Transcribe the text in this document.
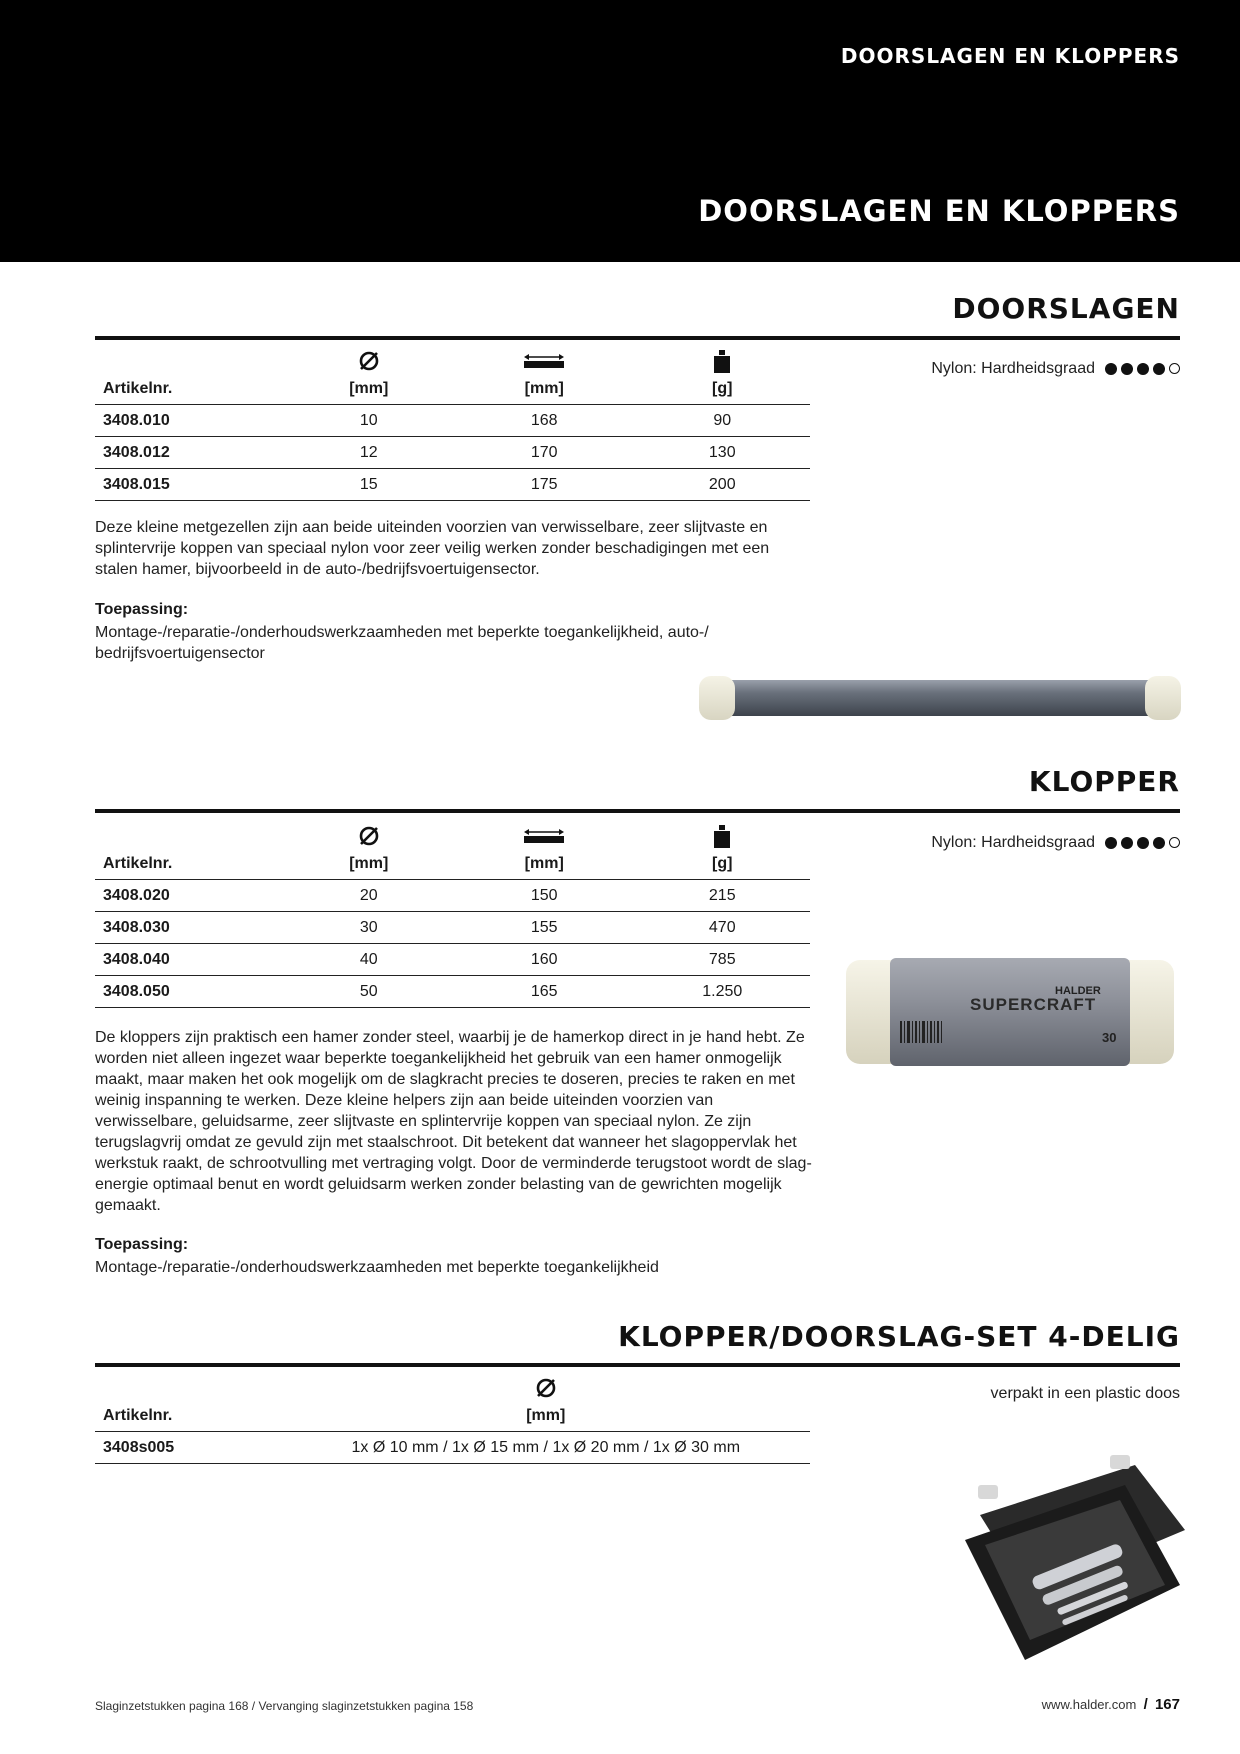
DOORSLAGEN EN KLOPPERS
DOORSLAGEN EN KLOPPERS
DOORSLAGEN
Nylon: Hardheidsgraad
Artikelnr.	[mm]	[mm]	[g]

3408.010	10	168	90
3408.012	12	170	130
3408.015	15	175	200

Deze kleine metgezellen zijn aan beide uiteinden voorzien van verwisselbare, zeer slijtvaste en splintervrije koppen van speciaal nylon voor zeer veilig werken zonder beschadigingen met een stalen hamer, bijvoorbeeld in de auto-/bedrijfsvoertuigensector.

Toepassing:
Montage-/reparatie-/onderhoudswerkzaamheden met beperkte toegankelijkheid, auto-/ bedrijfsvoertuigensector
KLOPPER
Nylon: Hardheidsgraad
Artikelnr.	[mm]	[mm]	[g]

3408.020	20	150	215
3408.030	30	155	470
3408.040	40	160	785
3408.050	50	165	1.250

De kloppers zijn praktisch een hamer zonder steel, waarbij je de hamerkop direct in je hand hebt. Ze worden niet alleen ingezet waar beperkte toegankelijkheid het gebruik van een hamer onmogelijk maakt, maar maken het ook mogelijk om de slagkracht precies te doseren, precies te raken en met weinig inspanning te werken. Deze kleine helpers zijn aan beide uiteinden voorzien van verwisselbare, geluidsarme, zeer slijtvaste en splintervrije koppen van speciaal nylon. Ze zijn terugslagvrij omdat ze gevuld zijn met staalschroot. Dit betekent dat wanneer het slagoppervlak het werkstuk raakt, de schrootvulling met vertraging volgt. Door de verminderde terugstoot wordt de slag-energie optimaal benut en wordt geluidsarm werken zonder belasting van de gewrichten mogelijk gemaakt.

Toepassing:
Montage-/reparatie-/onderhoudswerkzaamheden met beperkte toegankelijkheid
HALDER
SUPERCRAFT
30
KLOPPER/DOORSLAG-SET 4-DELIG
verpakt in een plastic doos
Artikelnr.	[mm]

3408s005	1x Ø 10 mm / 1x Ø 15 mm / 1x Ø 20 mm / 1x Ø 30 mm
Slaginzetstukken pagina 168 / Vervanging slaginzetstukken pagina 158	www.halder.com / 167
